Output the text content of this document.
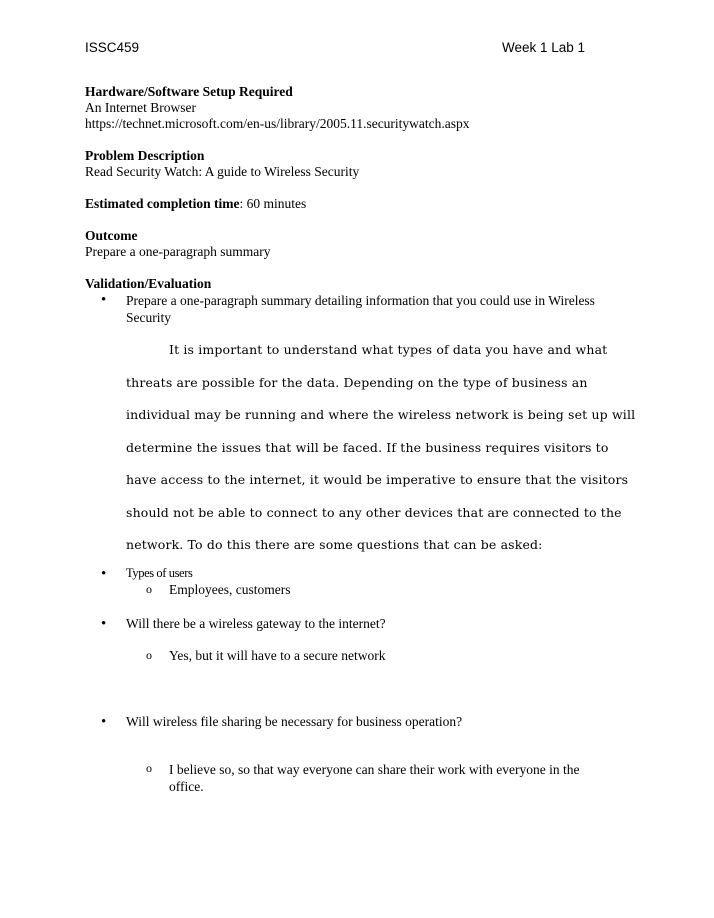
ISSC459	Week 1 Lab 1
Hardware/Software Setup Required
An Internet Browser
https://technet.microsoft.com/en-us/library/2005.11.securitywatch.aspx
Problem Description
Read Security Watch: A guide to Wireless Security
Estimated completion time: 60 minutes
Outcome
Prepare a one-paragraph summary
Validation/Evaluation
• Prepare a one-paragraph summary detailing information that you could use in Wireless Security
It is important to understand what types of data you have and what threats are possible for the data. Depending on the type of business an individual may be running and where the wireless network is being set up will determine the issues that will be faced. If the business requires visitors to have access to the internet, it would be imperative to ensure that the visitors should not be able to connect to any other devices that are connected to the network. To do this there are some questions that can be asked:
• Types of users
o Employees, customers
• Will there be a wireless gateway to the internet?
o Yes, but it will have to a secure network
• Will wireless file sharing be necessary for business operation?
o I believe so, so that way everyone can share their work with everyone in the office.
